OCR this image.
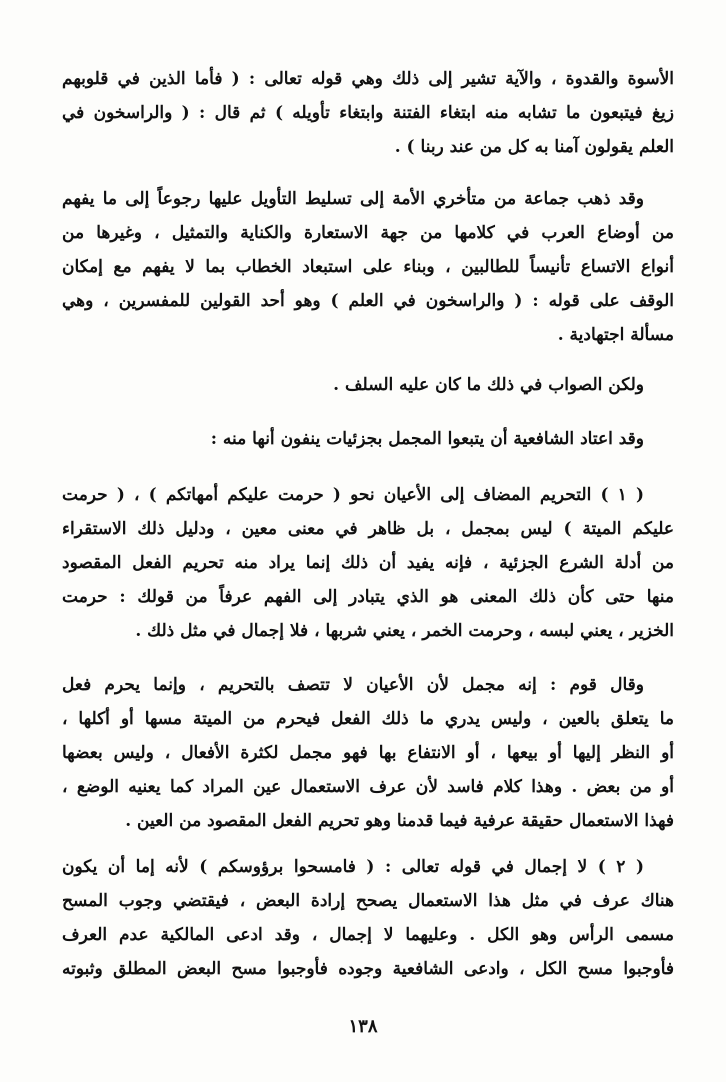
الأسوة والقدوة ، والآية تشير إلى ذلك وهي قوله تعالى : ( فأما الذين في قلوبهم
زيغ فيتبعون ما تشابه منه ابتغاء الفتنة وابتغاء تأويله ) ثم قال : ( والراسخون في
العلم يقولون آمنا به كل من عند ربنا ) .
وقد ذهب جماعة من متأخري الأمة إلى تسليط التأويل عليها رجوعاً إلى ما يفهم
من أوضاع العرب في كلامها من جهة الاستعارة والكناية والتمثيل ، وغيرها من
أنواع الاتساع تأنيساً للطالبين ، وبناء على استبعاد الخطاب بما لا يفهم مع إمكان
الوقف على قوله : ( والراسخون في العلم ) وهو أحد القولين للمفسرين ، وهي
مسألة اجتهادية .
ولكن الصواب في ذلك ما كان عليه السلف .
وقد اعتاد الشافعية أن يتبعوا المجمل بجزئيات ينفون أنها منه :
( ١ ) التحريم المضاف إلى الأعيان نحو ( حرمت عليكم أمهاتكم ) ، ( حرمت
عليكم الميتة ) ليس بمجمل ، بل ظاهر في معنى معين ، ودليل ذلك الاستقراء
من أدلة الشرع الجزئية ، فإنه يفيد أن ذلك إنما يراد منه تحريم الفعل المقصود
منها حتى كأن ذلك المعنى هو الذي يتبادر إلى الفهم عرفاً من قولك : حرمت
الخزير ، يعني لبسه ، وحرمت الخمر ، يعني شربها ، فلا إجمال في مثل ذلك .
وقال قوم : إنه مجمل لأن الأعيان لا تتصف بالتحريم ، وإنما يحرم فعل
ما يتعلق بالعين ، وليس يدري ما ذلك الفعل فيحرم من الميتة مسها أو أكلها ،
أو النظر إليها أو بيعها ، أو الانتفاع بها فهو مجمل لكثرة الأفعال ، وليس بعضها
أو من بعض . وهذا كلام فاسد لأن عرف الاستعمال عين المراد كما يعنيه الوضع ،
فهذا الاستعمال حقيقة عرفية فيما قدمنا وهو تحريم الفعل المقصود من العين .
( ٢ ) لا إجمال في قوله تعالى : ( فامسحوا برؤوسكم ) لأنه إما أن يكون
هناك عرف في مثل هذا الاستعمال يصحح إرادة البعض ، فيقتضي وجوب المسح
مسمى الرأس وهو الكل . وعليهما لا إجمال ، وقد ادعى المالكية عدم العرف
فأوجبوا مسح الكل ، وادعى الشافعية وجوده فأوجبوا مسح البعض المطلق وثبوته
١٣٨
